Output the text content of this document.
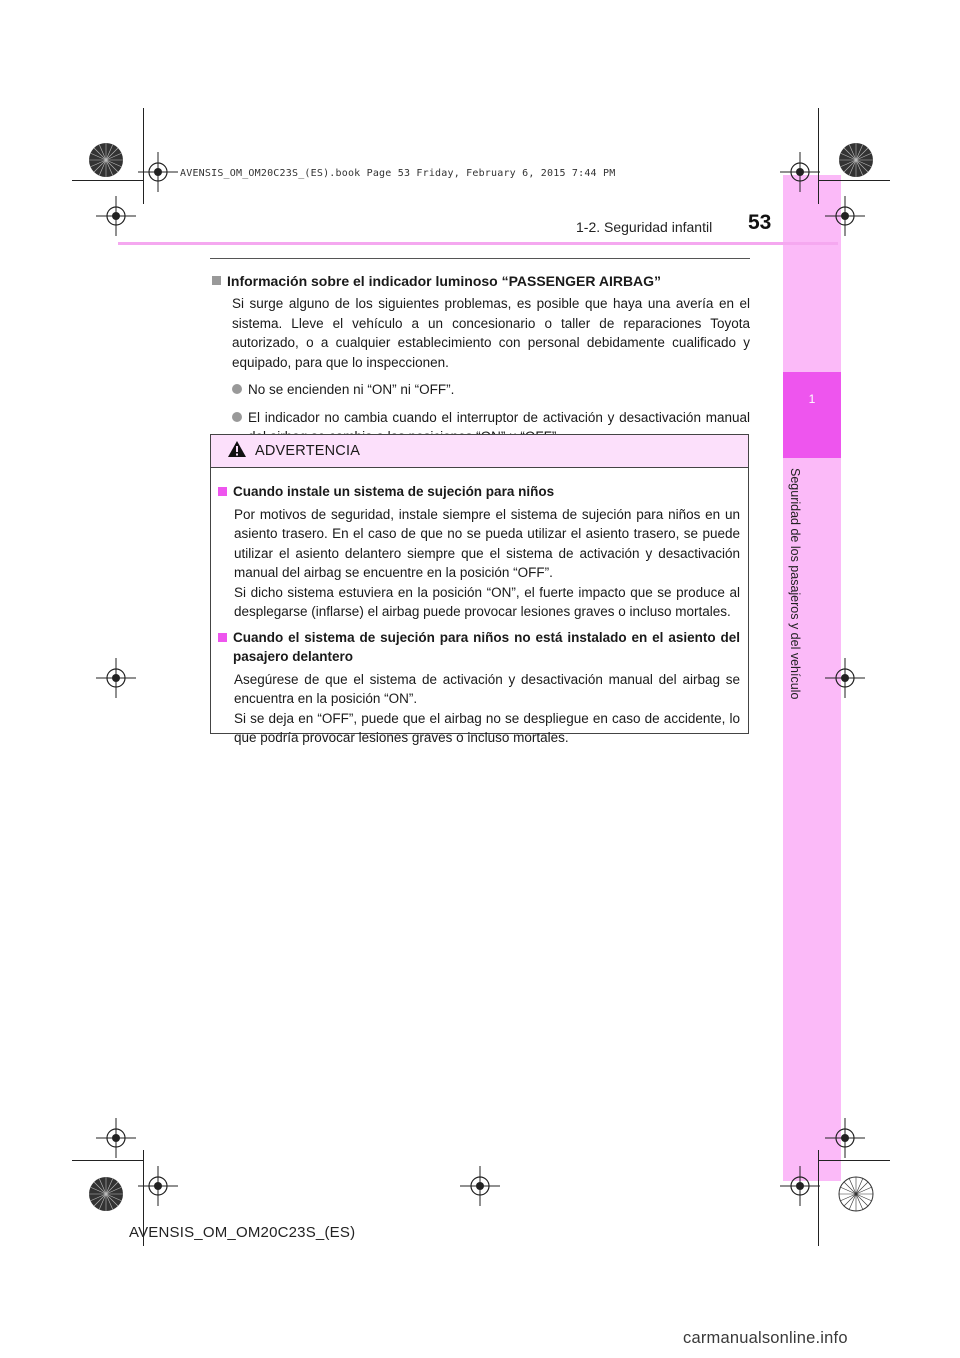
1
Seguridad de los pasajeros y del vehículo
AVENSIS_OM_OM20C23S_(ES).book Page 53 Friday, February 6, 2015 7:44 PM
1-2. Seguridad infantil 53
Información sobre el indicador luminoso “PASSENGER AIRBAG”
Si surge alguno de los siguientes problemas, es posible que haya una avería en el sistema. Lleve el vehículo a un concesionario o taller de reparaciones Toyota autorizado, o a cualquier establecimiento con personal debidamente cualificado y equipado, para que lo inspeccionen.
No se encienden ni “ON” ni “OFF”.
El indicador no cambia cuando el interruptor de activación y desactivación manual
ADVERTENCIA
Cuando instale un sistema de sujeción para niños
Por motivos de seguridad, instale siempre el sistema de sujeción para niños en un asiento trasero. En el caso de que no se pueda utilizar el asiento trasero, se puede utilizar el asiento delantero siempre que el sistema de activación y desactivación manual del airbag se encuentre en la posición “OFF”.
Si dicho sistema estuviera en la posición “ON”, el fuerte impacto que se produce al desplegarse (inflarse) el airbag puede provocar lesiones graves o incluso mortales.
Cuando el sistema de sujeción para niños no está instalado en el asiento del pasajero delantero
Asegúrese de que el sistema de activación y desactivación manual del airbag se encuentra en la posición “ON”.
Si se deja en “OFF”, puede que el airbag no se despliegue en caso de accidente, lo que podría provocar lesiones graves o incluso mortales.
AVENSIS_OM_OM20C23S_(ES)
carmanualsonline.info
